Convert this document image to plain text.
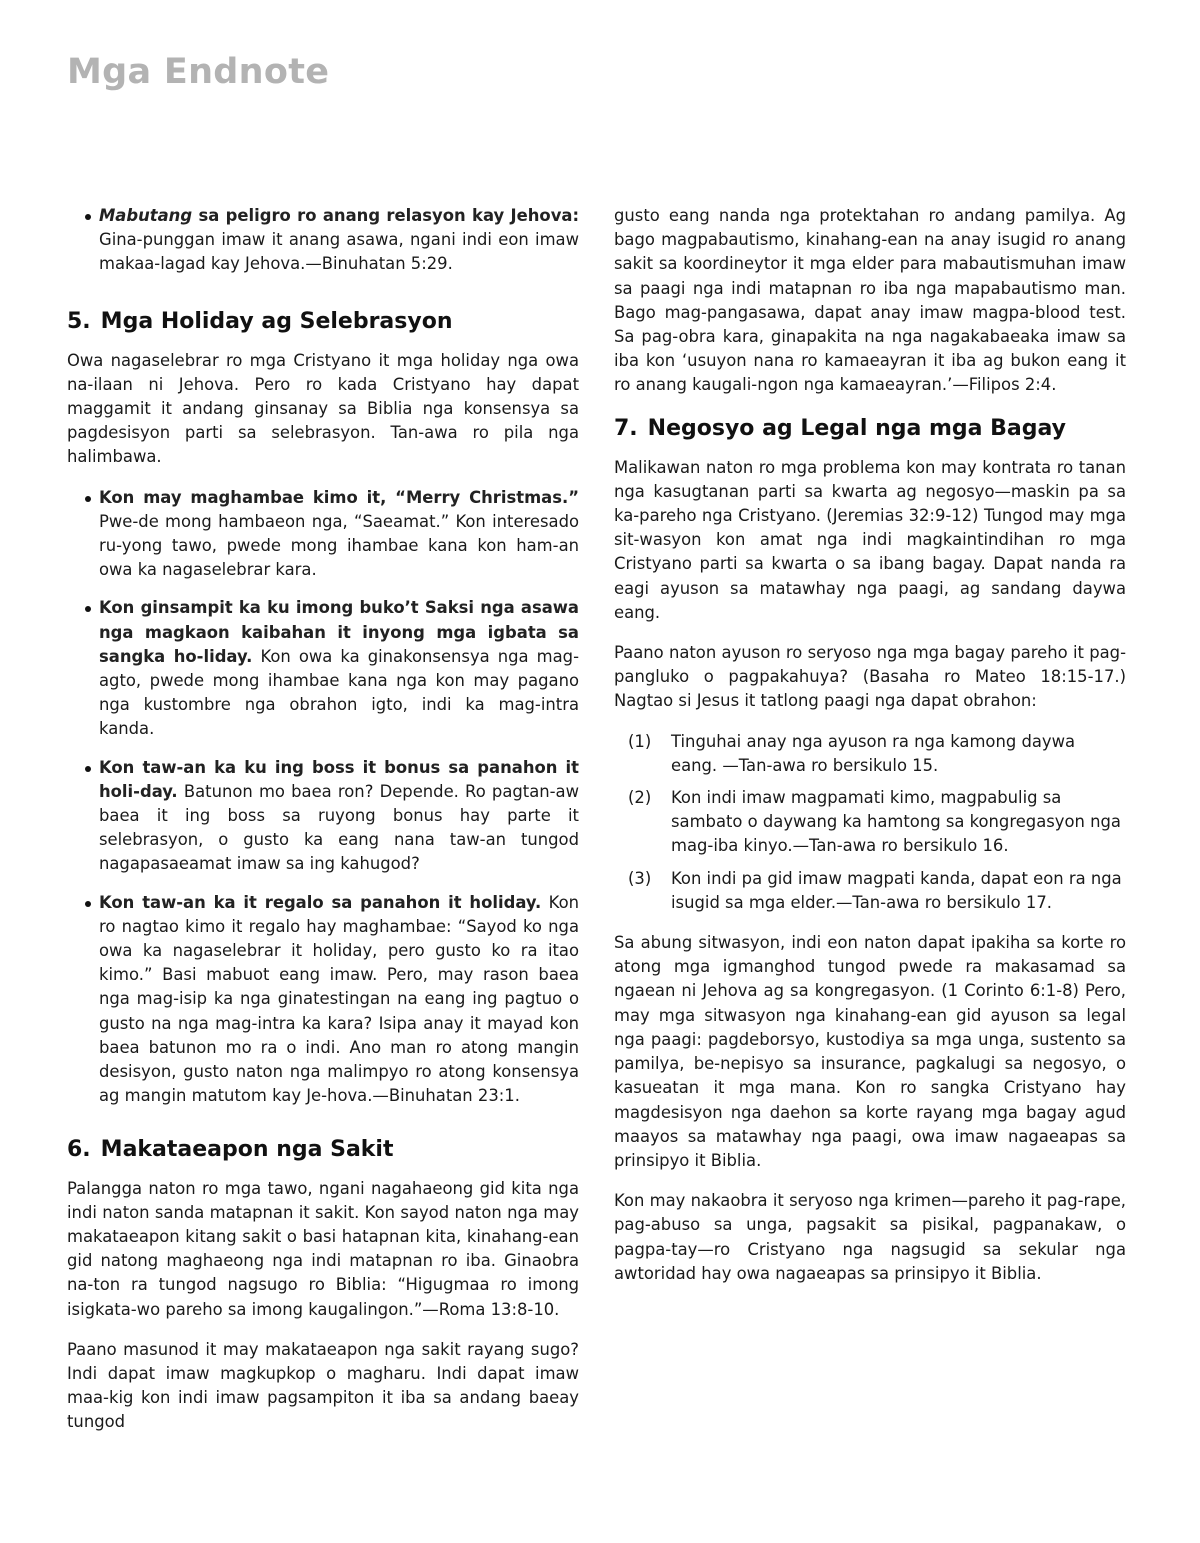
Mga Endnote
Mabutang sa peligro ro anang relasyon kay Jehova: Gina-punggan imaw it anang asawa, ngani indi eon imaw makaa-lagad kay Jehova.—Binuhatan 5:29.
5. Mga Holiday ag Selebrasyon

Owa nagaselebrar ro mga Cristyano it mga holiday nga owa na-ilaan ni Jehova. Pero ro kada Cristyano hay dapat maggamit it andang ginsanay sa Biblia nga konsensya sa pagdesisyon parti sa selebrasyon. Tan-awa ro pila nga halimbawa.

Kon may maghambae kimo it, “Merry Christmas.” Pwe-de mong hambaeon nga, “Saeamat.” Kon interesado ru-yong tawo, pwede mong ihambae kana kon ham-an owa ka nagaselebrar kara.
Kon ginsampit ka ku imong buko’t Saksi nga asawa nga magkaon kaibahan it inyong mga igbata sa sangka ho-liday. Kon owa ka ginakonsensya nga mag-agto, pwede mong ihambae kana nga kon may pagano nga kustombre nga obrahon igto, indi ka mag-intra kanda.
Kon taw-an ka ku ing boss it bonus sa panahon it holi-day. Batunon mo baea ron? Depende. Ro pagtan-aw baea it ing boss sa ruyong bonus hay parte it selebrasyon, o gusto ka eang nana taw-an tungod nagapasaeamat imaw sa ing kahugod?
Kon taw-an ka it regalo sa panahon it holiday. Kon ro nagtao kimo it regalo hay maghambae: “Sayod ko nga owa ka nagaselebrar it holiday, pero gusto ko ra itao kimo.” Basi mabuot eang imaw. Pero, may rason baea nga mag-isip ka nga ginatestingan na eang ing pagtuo o gusto na nga mag-intra ka kara? Isipa anay it mayad kon baea batunon mo ra o indi. Ano man ro atong mangin desisyon, gusto naton nga malimpyo ro atong konsensya ag mangin matutom kay Je-hova.—Binuhatan 23:1.
6. Makataeapon nga Sakit

Palangga naton ro mga tawo, ngani nagahaeong gid kita nga indi naton sanda matapnan it sakit. Kon sayod naton nga may makataeapon kitang sakit o basi hatapnan kita, kinahang-ean gid natong maghaeong nga indi matapnan ro iba. Ginaobra na-ton ra tungod nagsugo ro Biblia: “Higugmaa ro imong isigkata-wo pareho sa imong kaugalingon.”—Roma 13:8-10.

Paano masunod it may makataeapon nga sakit rayang sugo? Indi dapat imaw magkupkop o magharu. Indi dapat imaw maa-kig kon indi imaw pagsampiton it iba sa andang baeay tungod

gusto eang nanda nga protektahan ro andang pamilya. Ag bago magpabautismo, kinahang-ean na anay isugid ro anang sakit sa koordineytor it mga elder para mabautismuhan imaw sa paagi nga indi matapnan ro iba nga mapabautismo man. Bago mag-pangasawa, dapat anay imaw magpa-blood test. Sa pag-obra kara, ginapakita na nga nagakabaeaka imaw sa iba kon ‘usuyon nana ro kamaeayran it iba ag bukon eang it ro anang kaugali-ngon nga kamaeayran.’—Filipos 2:4.

7. Negosyo ag Legal nga mga Bagay

Malikawan naton ro mga problema kon may kontrata ro tanan nga kasugtanan parti sa kwarta ag negosyo—maskin pa sa ka-pareho nga Cristyano. (Jeremias 32:9-12) Tungod may mga sit-wasyon kon amat nga indi magkaintindihan ro mga Cristyano parti sa kwarta o sa ibang bagay. Dapat nanda ra eagi ayuson sa matawhay nga paagi, ag sandang daywa eang.

Paano naton ayuson ro seryoso nga mga bagay pareho it pag-pangluko o pagpakahuya? (Basaha ro Mateo 18:15-17.) Nagtao si Jesus it tatlong paagi nga dapat obrahon:

(1) Tinguhai anay nga ayuson ra nga kamong daywa eang. —Tan-awa ro bersikulo 15.
(2) Kon indi imaw magpamati kimo, magpabulig sa sambato o daywang ka hamtong sa kongregasyon nga mag-iba kinyo.—Tan-awa ro bersikulo 16.
(3) Kon indi pa gid imaw magpati kanda, dapat eon ra nga isugid sa mga elder.—Tan-awa ro bersikulo 17.

Sa abung sitwasyon, indi eon naton dapat ipakiha sa korte ro atong mga igmanghod tungod pwede ra makasamad sa ngaean ni Jehova ag sa kongregasyon. (1 Corinto 6:1-8) Pero, may mga sitwasyon nga kinahang-ean gid ayuson sa legal nga paagi: pagdeborsyo, kustodiya sa mga unga, sustento sa pamilya, be-nepisyo sa insurance, pagkalugi sa negosyo, o kasueatan it mga mana. Kon ro sangka Cristyano hay magdesisyon nga daehon sa korte rayang mga bagay agud maayos sa matawhay nga paagi, owa imaw nagaeapas sa prinsipyo it Biblia.

Kon may nakaobra it seryoso nga krimen—pareho it pag-rape, pag-abuso sa unga, pagsakit sa pisikal, pagpanakaw, o pagpa-tay—ro Cristyano nga nagsugid sa sekular nga awtoridad hay owa nagaeapas sa prinsipyo it Biblia.
